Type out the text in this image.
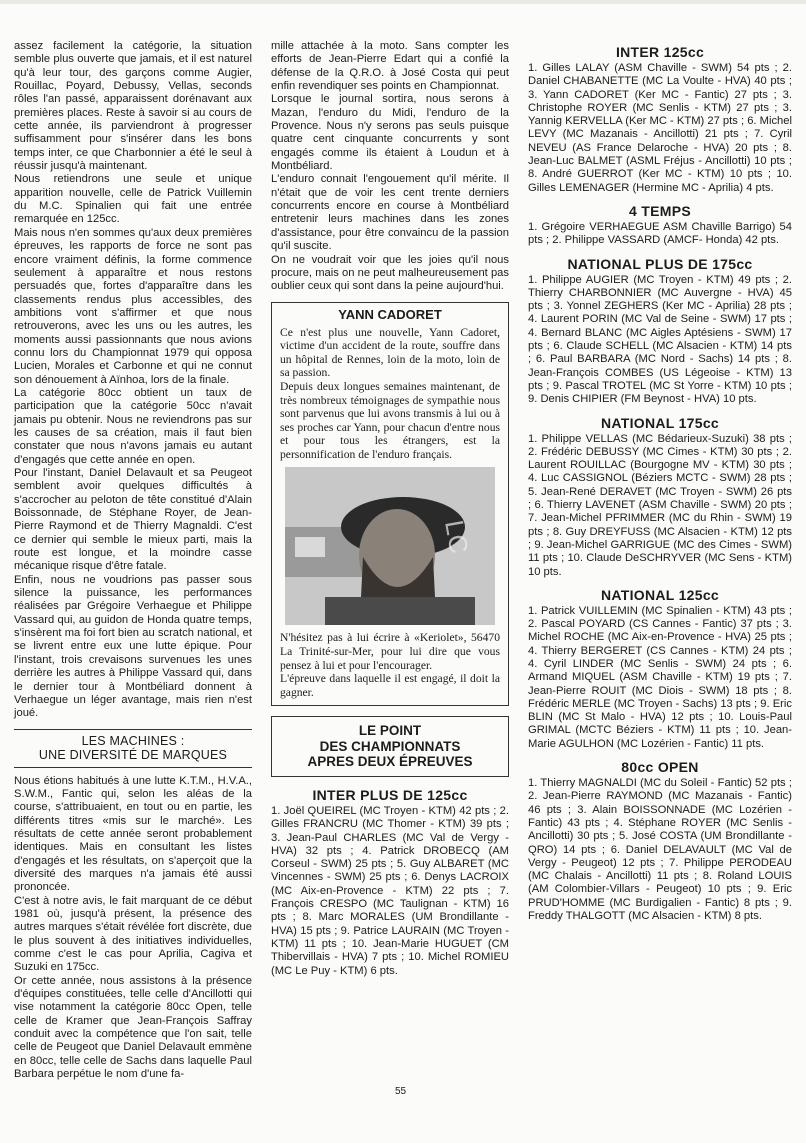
assez facilement la catégorie, la situation semble plus ouverte que jamais, et il est naturel qu'à leur tour, des garçons comme Augier, Rouillac, Poyard, Debussy, Vellas, seconds rôles l'an passé, apparaissent dorénavant aux premières places. Reste à savoir si au cours de cette année, ils parviendront à progresser suffisamment pour s'insérer dans les bons temps inter, ce que Charbonnier a été le seul à réussir jusqu'à maintenant.

Nous retiendrons une seule et unique apparition nouvelle, celle de Patrick Vuillemin du M.C. Spinalien qui fait une entrée remarquée en 125cc.

Mais nous n'en sommes qu'aux deux premières épreuves, les rapports de force ne sont pas encore vraiment définis, la forme commence seulement à apparaître et nous restons persuadés que, fortes d'apparaître dans les classements rendus plus accessibles, des ambitions vont s'affirmer et que nous retrouverons, avec les uns ou les autres, les moments aussi passionnants que nous avions connu lors du Championnat 1979 qui opposa Lucien, Morales et Carbonne et qui ne connut son dénouement à Aïnhoa, lors de la finale.

La catégorie 80cc obtient un taux de participation que la catégorie 50cc n'avait jamais pu obtenir. Nous ne reviendrons pas sur les causes de sa création, mais il faut bien constater que nous n'avons jamais eu autant d'engagés que cette année en open.

Pour l'instant, Daniel Delavault et sa Peugeot semblent avoir quelques difficultés à s'accrocher au peloton de tête constitué d'Alain Boissonnade, de Stéphane Royer, de Jean-Pierre Raymond et de Thierry Magnaldi. C'est ce dernier qui semble le mieux parti, mais la route est longue, et la moindre casse mécanique risque d'être fatale.

Enfin, nous ne voudrions pas passer sous silence la puissance, les performances réalisées par Grégoire Verhaegue et Philippe Vassard qui, au guidon de Honda quatre temps, s'insèrent ma foi fort bien au scratch national, et se livrent entre eux une lutte épique. Pour l'instant, trois crevaisons survenues les unes derrière les autres à Philippe Vassard qui, dans le dernier tour à Montbéliard donnent à Verhaegue un léger avantage, mais rien n'est joué.

LES MACHINES :

UNE DIVERSITÉ DE MARQUES

Nous étions habitués à une lutte K.T.M., H.V.A., S.W.M., Fantic qui, selon les aléas de la course, s'attribuaient, en tout ou en partie, les différents titres «mis sur le marché». Les résultats de cette année seront probablement identiques. Mais en consultant les listes d'engagés et les résultats, on s'aperçoit que la diversité des marques n'a jamais été aussi prononcée.

C'est à notre avis, le fait marquant de ce début 1981 où, jusqu'à présent, la présence des autres marques s'était révélée fort discrète, due le plus souvent à des initiatives individuelles, comme c'est le cas pour Aprilia, Cagiva et Suzuki en 175cc.

Or cette année, nous assistons à la présence d'équipes constituées, telle celle d'Ancillotti qui vise notamment la catégorie 80cc Open, telle celle de Kramer que Jean-François Saffray conduit avec la compétence que l'on sait, telle celle de Peugeot que Daniel Delavault emmène en 80cc, telle celle de Sachs dans laquelle Paul Barbara perpétue le nom d'une fa-

mille attachée à la moto. Sans compter les efforts de Jean-Pierre Edart qui a confié la défense de la Q.R.O. à José Costa qui peut enfin revendiquer ses points en Championnat.

Lorsque le journal sortira, nous serons à Mazan, l'enduro du Midi, l'enduro de la Provence. Nous n'y serons pas seuls puisque quatre cent cinquante concurrents y sont engagés comme ils étaient à Loudun et à Montbéliard.

L'enduro connait l'engouement qu'il mérite. Il n'était que de voir les cent trente derniers concurrents encore en course à Montbéliard entretenir leurs machines dans les zones d'assistance, pour être convaincu de la passion qu'il suscite.

On ne voudrait voir que les joies qu'il nous procure, mais on ne peut malheureusement pas oublier ceux qui sont dans la peine aujourd'hui.

YANN CADORET

Ce n'est plus une nouvelle, Yann Cadoret, victime d'un accident de la route, souffre dans un hôpital de Rennes, loin de la moto, loin de sa passion.

Depuis deux longues semaines maintenant, de très nombreux témoignages de sympathie nous sont parvenus que lui avons transmis à lui ou à ses proches car Yann, pour chacun d'entre nous et pour tous les étrangers, est la personnification de l'enduro français.

LC

N'hésitez pas à lui écrire à «Keriolet», 56470 La Trinité-sur-Mer, pour lui dire que vous pensez à lui et pour l'encourager.

L'épreuve dans laquelle il est engagé, il doit la gagner.

LE POINT
DES CHAMPIONNATS
APRES DEUX ÉPREUVES

INTER PLUS DE 125cc

1. Joël QUEIREL (MC Troyen - KTM) 42 pts ; 2. Gilles FRANCRU (MC Thomer - KTM) 39 pts ; 3. Jean-Paul CHARLES (MC Val de Vergy - HVA) 32 pts ; 4. Patrick DROBECQ (AM Corseul - SWM) 25 pts ; 5. Guy ALBARET (MC Vincennes - SWM) 25 pts ; 6. Denys LACROIX (MC Aix-en-Provence - KTM) 22 pts ; 7. François CRESPO (MC Taulignan - KTM) 16 pts ; 8. Marc MORALES (UM Brondillante - HVA) 15 pts ; 9. Patrice LAURAIN (MC Troyen - KTM) 11 pts ; 10. Jean-Marie HUGUET (CM Thibervillais - HVA) 7 pts ; 10. Michel ROMIEU (MC Le Puy - KTM) 6 pts.

INTER 125cc

1. Gilles LALAY (ASM Chaville - SWM) 54 pts ; 2. Daniel CHABANETTE (MC La Voulte - HVA) 40 pts ; 3. Yann CADORET (Ker MC - Fantic) 27 pts ; 3. Christophe ROYER (MC Senlis - KTM) 27 pts ; 3. Yannig KERVELLA (Ker MC - KTM) 27 pts ; 6. Michel LEVY (MC Mazanais - Ancillotti) 21 pts ; 7. Cyril NEVEU (AS France Delaroche - HVA) 20 pts ; 8. Jean-Luc BALMET (ASML Fréjus - Ancillotti) 10 pts ; 8. André GUERROT (Ker MC - KTM) 10 pts ; 10. Gilles LEMENAGER (Hermine MC - Aprilia) 4 pts.

4 TEMPS

1. Grégoire VERHAEGUE ASM Chaville Barrigo) 54 pts ; 2. Philippe VASSARD (AMCF- Honda) 42 pts.

NATIONAL PLUS DE 175cc

1. Philippe AUGIER (MC Troyen - KTM) 49 pts ; 2. Thierry CHARBONNIER (MC Auvergne - HVA) 45 pts ; 3. Yonnel ZEGHERS (Ker MC - Aprilia) 28 pts ; 4. Laurent PORIN (MC Val de Seine - SWM) 17 pts ; 4. Bernard BLANC (MC Aigles Aptésiens - SWM) 17 pts ; 6. Claude SCHELL (MC Alsacien - KTM) 14 pts ; 6. Paul BARBARA (MC Nord - Sachs) 14 pts ; 8. Jean-François COMBES (US Légeoise - KTM) 13 pts ; 9. Pascal TROTEL (MC St Yorre - KTM) 10 pts ; 9. Denis CHIPIER (FM Beynost - HVA) 10 pts.

NATIONAL 175cc

1. Philippe VELLAS (MC Bédarieux-Suzuki) 38 pts ; 2. Frédéric DEBUSSY (MC Cimes - KTM) 30 pts ; 2. Laurent ROUILLAC (Bourgogne MV - KTM) 30 pts ; 4. Luc CASSIGNOL (Béziers MCTC - SWM) 28 pts ; 5. Jean-René DERAVET (MC Troyen - SWM) 26 pts ; 6. Thierry LAVENET (ASM Chaville - SWM) 20 pts ; 7. Jean-Michel PFRIMMER (MC du Rhin - SWM) 19 pts ; 8. Guy DREYFUSS (MC Alsacien - KTM) 12 pts ; 9. Jean-Michel GARRIGUE (MC des Cimes - SWM) 11 pts ; 10. Claude DeSCHRYVER (MC Sens - KTM) 10 pts.

NATIONAL 125cc

1. Patrick VUILLEMIN (MC Spinalien - KTM) 43 pts ; 2. Pascal POYARD (CS Cannes - Fantic) 37 pts ; 3. Michel ROCHE (MC Aix-en-Provence - HVA) 25 pts ; 4. Thierry BERGERET (CS Cannes - KTM) 24 pts ; 4. Cyril LINDER (MC Senlis - SWM) 24 pts ; 6. Armand MIQUEL (ASM Chaville - KTM) 19 pts ; 7. Jean-Pierre ROUIT (MC Diois - SWM) 18 pts ; 8. Frédéric MERLE (MC Troyen - Sachs) 13 pts ; 9. Eric BLIN (MC St Malo - HVA) 12 pts ; 10. Louis-Paul GRIMAL (MCTC Béziers - KTM) 11 pts ; 10. Jean-Marie AGULHON (MC Lozérien - Fantic) 11 pts.

80cc OPEN

1. Thierry MAGNALDI (MC du Soleil - Fantic) 52 pts ; 2. Jean-Pierre RAYMOND (MC Mazanais - Fantic) 46 pts ; 3. Alain BOISSONNADE (MC Lozérien - Fantic) 43 pts ; 4. Stéphane ROYER (MC Senlis - Ancillotti) 30 pts ; 5. José COSTA (UM Brondillante - QRO) 14 pts ; 6. Daniel DELAVAULT (MC Val de Vergy - Peugeot) 12 pts ; 7. Philippe PERODEAU (MC Chalais - Ancillotti) 11 pts ; 8. Roland LOUIS (AM Colombier-Villars - Peugeot) 10 pts ; 9. Eric PRUD'HOMME (MC Burdigalien - Fantic) 8 pts ; 9. Freddy THALGOTT (MC Alsacien - KTM) 8 pts.

55
